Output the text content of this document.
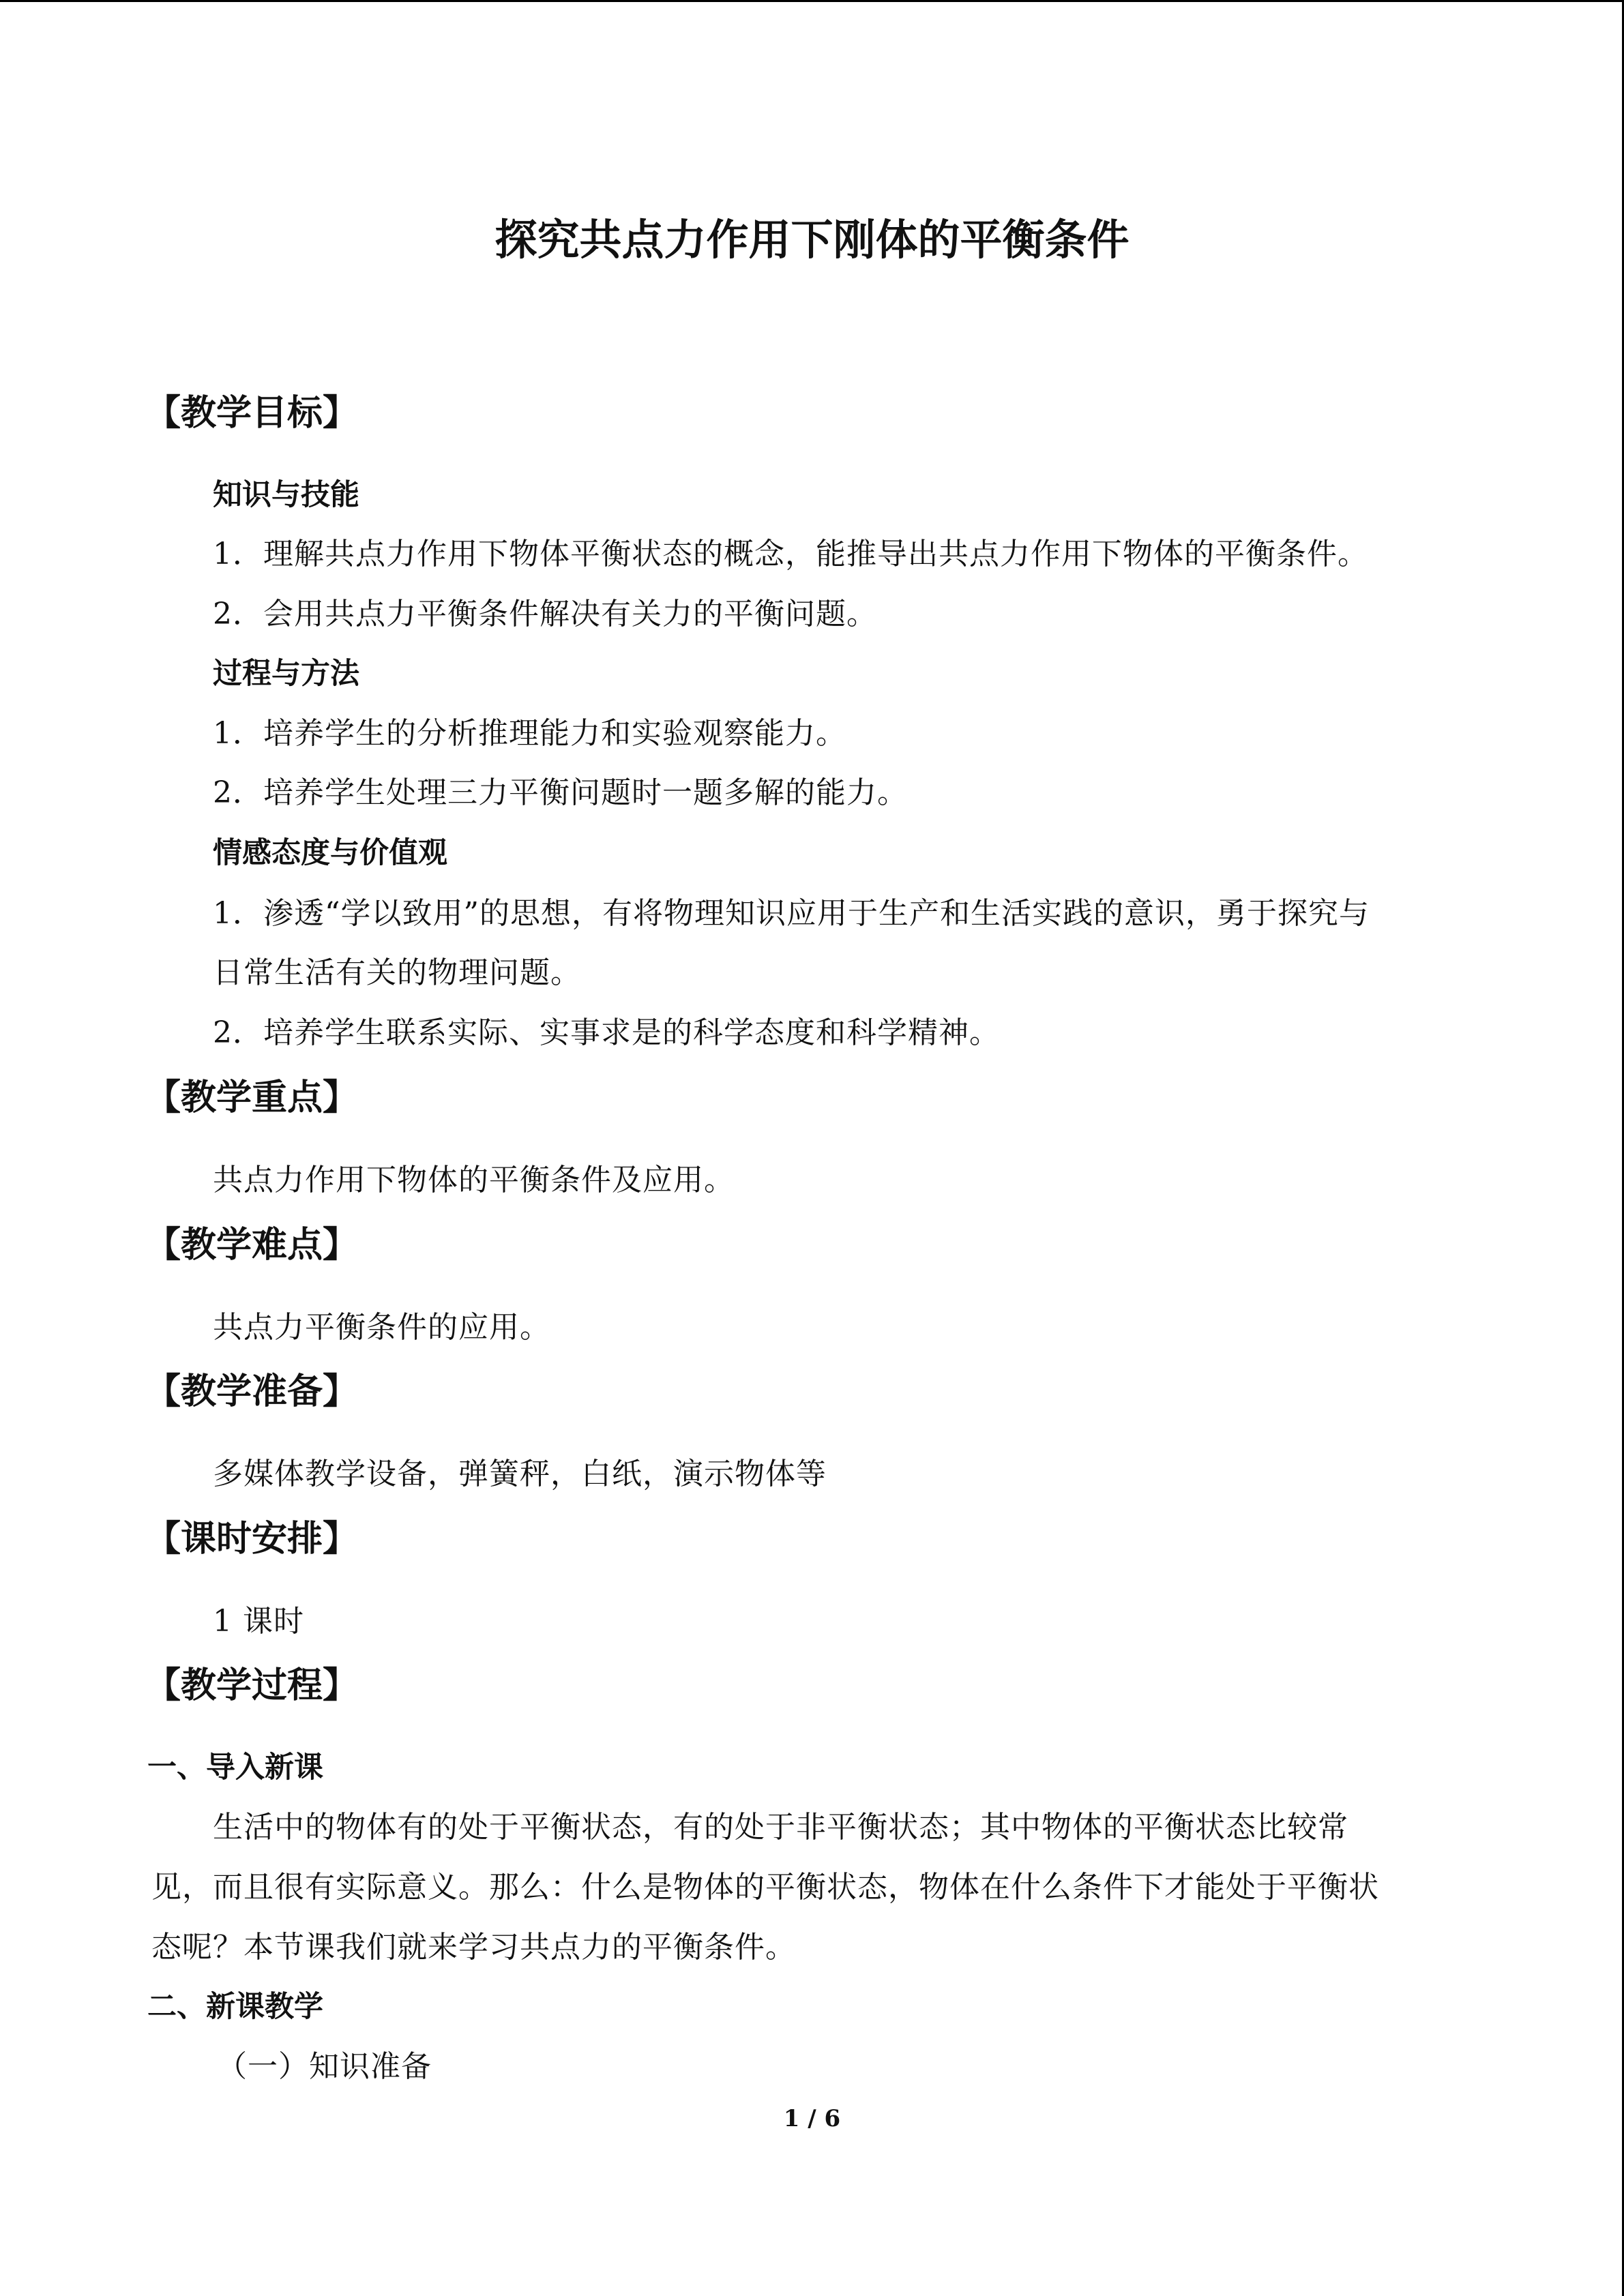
探究共点力作用下刚体的平衡条件
【教学目标】
知识与技能
1．理解共点力作用下物体平衡状态的概念，能推导出共点力作用下物体的平衡条件。
2．会用共点力平衡条件解决有关力的平衡问题。
过程与方法
1．培养学生的分析推理能力和实验观察能力。
2．培养学生处理三力平衡问题时一题多解的能力。
情感态度与价值观
1．渗透“学以致用”的思想，有将物理知识应用于生产和生活实践的意识，勇于探究与
日常生活有关的物理问题。
2．培养学生联系实际、实事求是的科学态度和科学精神。
【教学重点】
共点力作用下物体的平衡条件及应用。
【教学难点】
共点力平衡条件的应用。
【教学准备】
多媒体教学设备，弹簧秤，白纸，演示物体等
【课时安排】
1 课时
【教学过程】
一、导入新课
生活中的物体有的处于平衡状态，有的处于非平衡状态；其中物体的平衡状态比较常
见，而且很有实际意义。那么：什么是物体的平衡状态，物体在什么条件下才能处于平衡状
态呢？本节课我们就来学习共点力的平衡条件。
二、新课教学
（一）知识准备
1 / 6
